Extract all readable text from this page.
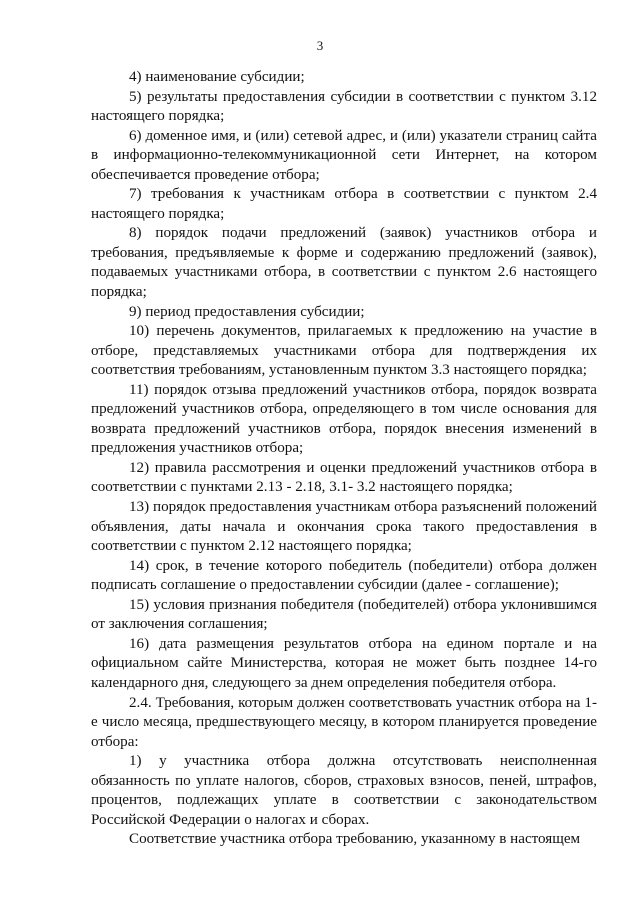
3

4) наименование субсидии;

5) результаты предоставления субсидии в соответствии с пунктом 3.12 настоящего порядка;

6) доменное имя, и (или) сетевой адрес, и (или) указатели страниц сайта в информационно-телекоммуникационной сети Интернет, на котором обеспечивается проведение отбора;

7) требования к участникам отбора в соответствии с пунктом 2.4 настоящего порядка;

8) порядок подачи предложений (заявок) участников отбора и требования, предъявляемые к форме и содержанию предложений (заявок), подаваемых участниками отбора, в соответствии с пунктом 2.6 настоящего порядка;

9) период предоставления субсидии;

10) перечень документов, прилагаемых к предложению на участие в отборе, представляемых участниками отбора для подтверждения их соответствия требованиям, установленным пунктом 3.3 настоящего порядка;

11) порядок отзыва предложений участников отбора, порядок возврата предложений участников отбора, определяющего в том числе основания для возврата предложений участников отбора, порядок внесения изменений в предложения участников отбора;

12) правила рассмотрения и оценки предложений участников отбора в соответствии с пунктами 2.13 - 2.18, 3.1- 3.2 настоящего порядка;

13) порядок предоставления участникам отбора разъяснений положений объявления, даты начала и окончания срока такого предоставления в соответствии с пунктом 2.12 настоящего порядка;

14) срок, в течение которого победитель (победители) отбора должен подписать соглашение о предоставлении субсидии (далее - соглашение);

15) условия признания победителя (победителей) отбора уклонившимся от заключения соглашения;

16) дата размещения результатов отбора на едином портале и на официальном сайте Министерства, которая не может быть позднее 14-го календарного дня, следующего за днем определения победителя отбора.

2.4. Требования, которым должен соответствовать участник отбора на 1-е число месяца, предшествующего месяцу, в котором планируется проведение отбора:

1) у участника отбора должна отсутствовать неисполненная обязанность по уплате налогов, сборов, страховых взносов, пеней, штрафов, процентов, подлежащих уплате в соответствии с законодательством Российской Федерации о налогах и сборах.

Соответствие участника отбора требованию, указанному в настоящем
